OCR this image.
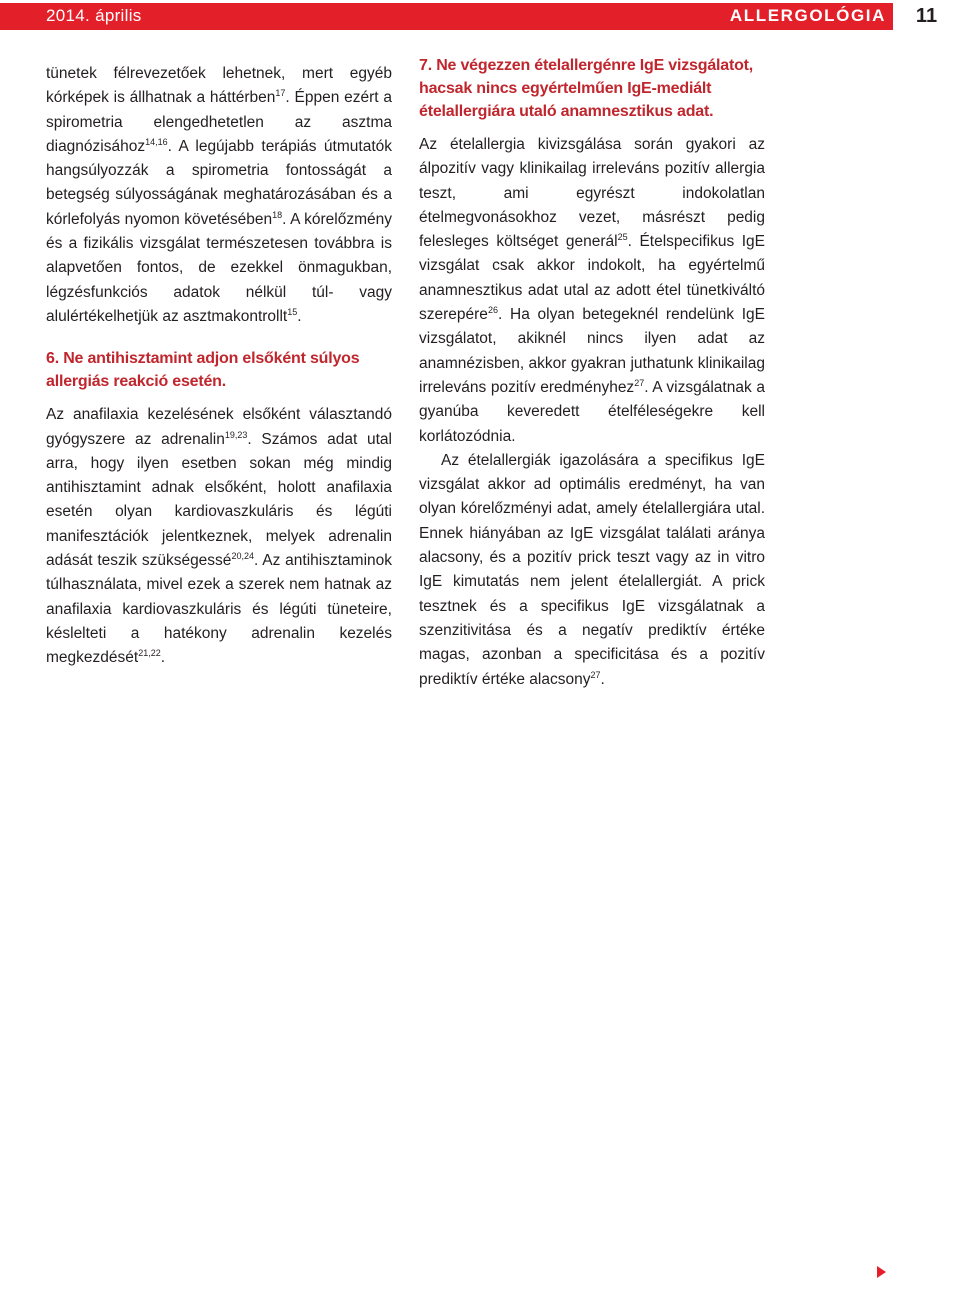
2014. április	ALLERGOLÓGIA	11

tünetek félrevezetőek lehetnek, mert egyéb kórképek is állhatnak a háttérben$^{17}$. Éppen ezért a spirometria elengedhetetlen az asztma diagnózisához$^{14,16}$. A legújabb terápiás útmutatók hangsúlyozzák a spirometria fontosságát a betegség súlyosságának meghatározásában és a kórlefolyás nyomon követésében$^{18}$. A kórelőzmény és a fizikális vizsgálat természetesen továbbra is alapvetően fontos, de ezekkel önmagukban, légzésfunkciós adatok nélkül túl- vagy alulértékelhetjük az asztmakontrollt$^{15}$.

6. Ne antihisztamint adjon elsőként súlyos allergiás reakció esetén.

Az anafilaxia kezelésének elsőként választandó gyógyszere az adrenalin$^{19,23}$. Számos adat utal arra, hogy ilyen esetben sokan még mindig antihisztamint adnak elsőként, holott anafilaxia esetén olyan kardiovaszkuláris és légúti manifesztációk jelentkeznek, melyek adrenalin adását teszik szükségessé$^{20,24}$. Az antihisztaminok túlhasználata, mivel ezek a szerek nem hatnak az anafilaxia kardiovaszkuláris és légúti tüneteire, késlelteti a hatékony adrenalin kezelés megkezdését$^{21,22}$.

7. Ne végezzen ételallergénre IgE vizsgálatot, hacsak nincs egyértelműen IgE-mediált ételallergiára utaló anamnesztikus adat.

Az ételallergia kivizsgálása során gyakori az álpozitív vagy klinikailag irreleváns pozitív allergia teszt, ami egyrészt indokolatlan ételmegvonásokhoz vezet, másrészt pedig felesleges költséget generál$^{25}$. Ételspecifikus IgE vizsgálat csak akkor indokolt, ha egyértelmű anamnesztikus adat utal az adott étel tünetkiváltó szerepére$^{26}$. Ha olyan betegeknél rendelünk IgE vizsgálatot, akiknél nincs ilyen adat az anamnézisben, akkor gyakran juthatunk klinikailag irreleváns pozitív eredményhez$^{27}$. A vizsgálatnak a gyanúba keveredett ételféleségekre kell korlátozódnia.

Az ételallergiák igazolására a specifikus IgE vizsgálat akkor ad optimális eredményt, ha van olyan kórelőzményi adat, amely ételallergiára utal. Ennek hiányában az IgE vizsgálat találati aránya alacsony, és a pozitív prick teszt vagy az in vitro IgE kimutatás nem jelent ételallergiát. A prick tesztnek és a specifikus IgE vizsgálatnak a szenzitivitása és a negatív prediktív értéke magas, azonban a specificitása és a pozitív prediktív értéke alacsony$^{27}$.
